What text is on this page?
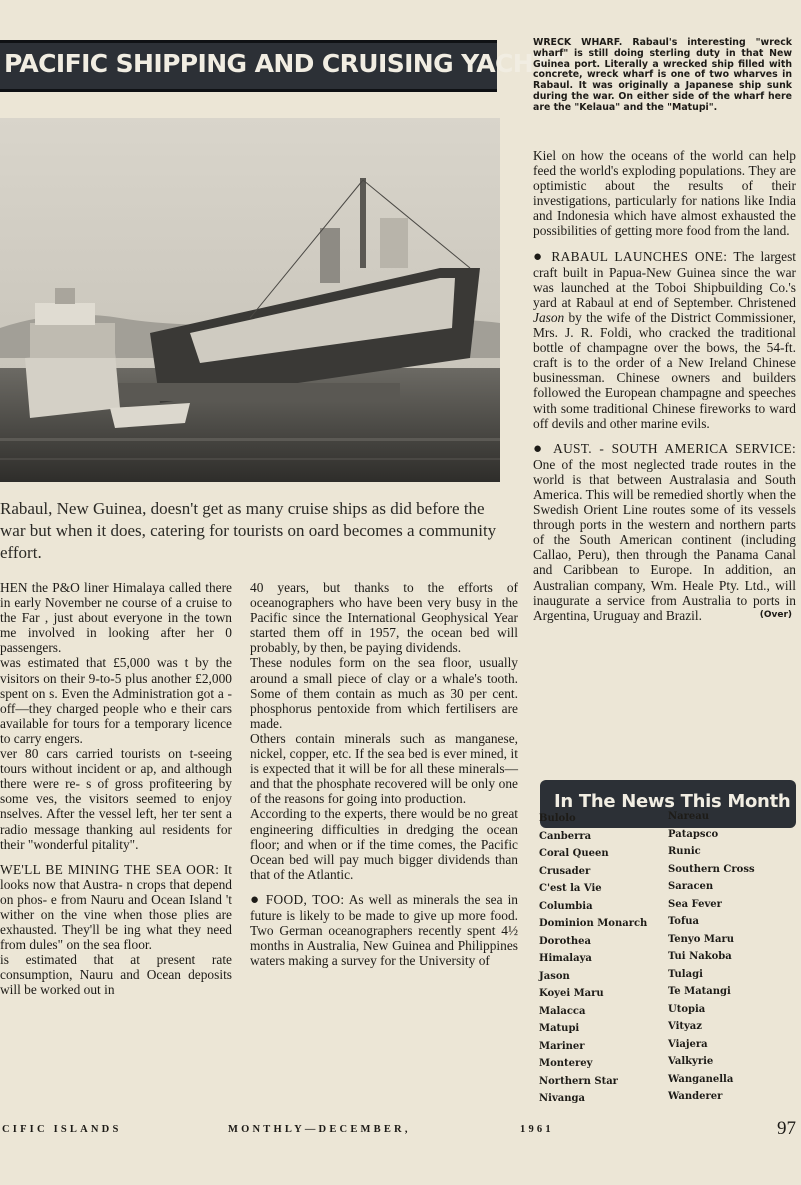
PACIFIC SHIPPING AND CRUISING YACHTS
WRECK WHARF. Rabaul's interesting "wreck wharf" is still doing sterling duty in that New Guinea port. Literally a wrecked ship filled with concrete, wreck wharf is one of two wharves in Rabaul. It was originally a Japanese ship sunk during the war. On either side of the wharf here are the "Kelaua" and the "Matupi".

Rabaul, New Guinea, doesn't get as many cruise ships as did before the war but when it does, catering for tourists on oard becomes a community effort.

HEN the P&O liner Himalaya called there in early November ne course of a cruise to the Far , just about everyone in the town me involved in looking after her 0 passengers.

was estimated that £5,000 was t by the visitors on their 9-to-5 plus another £2,000 spent on s. Even the Administration got a -off—they charged people who e their cars available for tours for a temporary licence to carry engers.

ver 80 cars carried tourists on t-seeing tours without incident or ap, and although there were re- s of gross profiteering by some ves, the visitors seemed to enjoy nselves. After the vessel left, her ter sent a radio message thanking aul residents for their "wonderful pitality".

WE'LL BE MINING THE SEA OOR: It looks now that Austra- n crops that depend on phos- e from Nauru and Ocean Island 't wither on the vine when those plies are exhausted. They'll be ing what they need from dules" on the sea floor.

is estimated that at present rate consumption, Nauru and Ocean deposits will be worked out in

40 years, but thanks to the efforts of oceanographers who have been very busy in the Pacific since the International Geophysical Year started them off in 1957, the ocean bed will probably, by then, be paying dividends.

These nodules form on the sea floor, usually around a small piece of clay or a whale's tooth. Some of them contain as much as 30 per cent. phosphorus pentoxide from which fertilisers are made.

Others contain minerals such as manganese, nickel, copper, etc. If the sea bed is ever mined, it is expected that it will be for all these minerals—and that the phosphate recovered will be only one of the reasons for going into production.

According to the experts, there would be no great engineering difficulties in dredging the ocean floor; and when or if the time comes, the Pacific Ocean bed will pay much bigger dividends than that of the Atlantic.

● FOOD, TOO: As well as minerals the sea in future is likely to be made to give up more food. Two German oceanographers recently spent 4½ months in Australia, New Guinea and Philippines waters making a survey for the University of

Kiel on how the oceans of the world can help feed the world's exploding populations. They are optimistic about the results of their investigations, particularly for nations like India and Indonesia which have almost exhausted the possibilities of getting more food from the land.

● RABAUL LAUNCHES ONE: The largest craft built in Papua-New Guinea since the war was launched at the Toboi Shipbuilding Co.'s yard at Rabaul at end of September. Christened Jason by the wife of the District Commissioner, Mrs. J. R. Foldi, who cracked the traditional bottle of champagne over the bows, the 54-ft. craft is to the order of a New Ireland Chinese businessman. Chinese owners and builders followed the European champagne and speeches with some traditional Chinese fireworks to ward off devils and other marine evils.

● AUST. - SOUTH AMERICA SERVICE: One of the most neglected trade routes in the world is that between Australasia and South America. This will be remedied shortly when the Swedish Orient Line routes some of its vessels through ports in the western and northern parts of the South American continent (including Callao, Peru), then through the Panama Canal and Caribbean to Europe. In addition, an Australian company, Wm. Heale Pty. Ltd., will inaugurate a service from Australia to ports in Argentina, Uruguay and Brazil.	(Over)

In The News This Month
Bulolo
Canberra
Coral Queen
Crusader
C'est la Vie
Columbia
Dominion Monarch
Dorothea
Himalaya
Jason
Koyei Maru
Malacca
Matupi
Mariner
Monterey
Northern Star
Nivanga
Nareau
Patapsco
Runic
Southern Cross
Saracen
Sea Fever
Tofua
Tenyo Maru
Tui Nakoba
Tulagi
Te Matangi
Utopia
Vityaz
Viajera
Valkyrie
Wanganella
Wanderer
CIFIC ISLANDS	MONTHLY—DECEMBER,	1961	97
